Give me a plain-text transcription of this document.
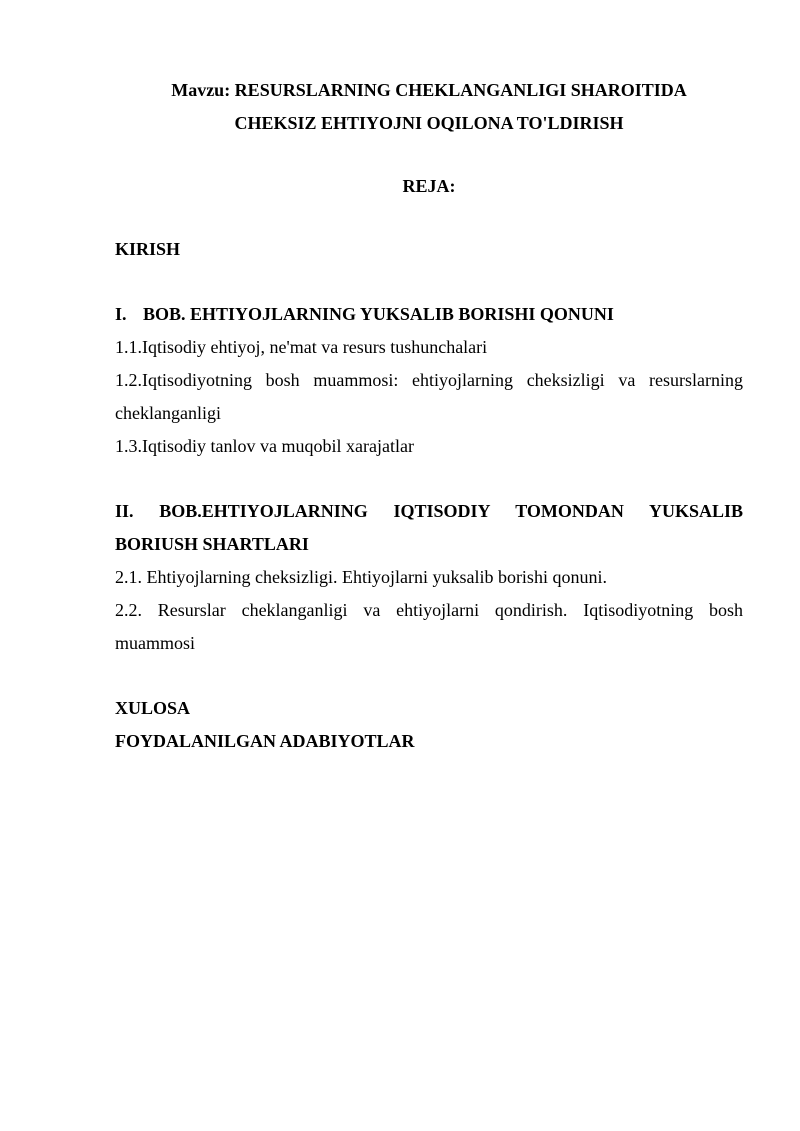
Mavzu: RESURSLARNING CHEKLANGANLIGI SHAROITIDA
CHEKSIZ EHTIYOJNI OQILONA TO'LDIRISH
REJA:
KIRISH
I. BOB. EHTIYOJLARNING YUKSALIB BORISHI QONUNI
1.1.Iqtisodiy ehtiyoj, ne'mat va resurs tushunchalari
1.2.Iqtisodiyotning bosh muammosi: ehtiyojlarning cheksizligi va resurslarning cheklanganligi
1.3.Iqtisodiy tanlov va muqobil xarajatlar
II. BOB.EHTIYOJLARNING IQTISODIY TOMONDAN YUKSALIB BORIUSH SHARTLARI
2.1. Ehtiyojlarning cheksizligi. Ehtiyojlarni yuksalib borishi qonuni.
2.2. Resurslar cheklanganligi va ehtiyojlarni qondirish. Iqtisodiyotning bosh muammosi
XULOSA
FOYDALANILGAN ADABIYOTLAR
